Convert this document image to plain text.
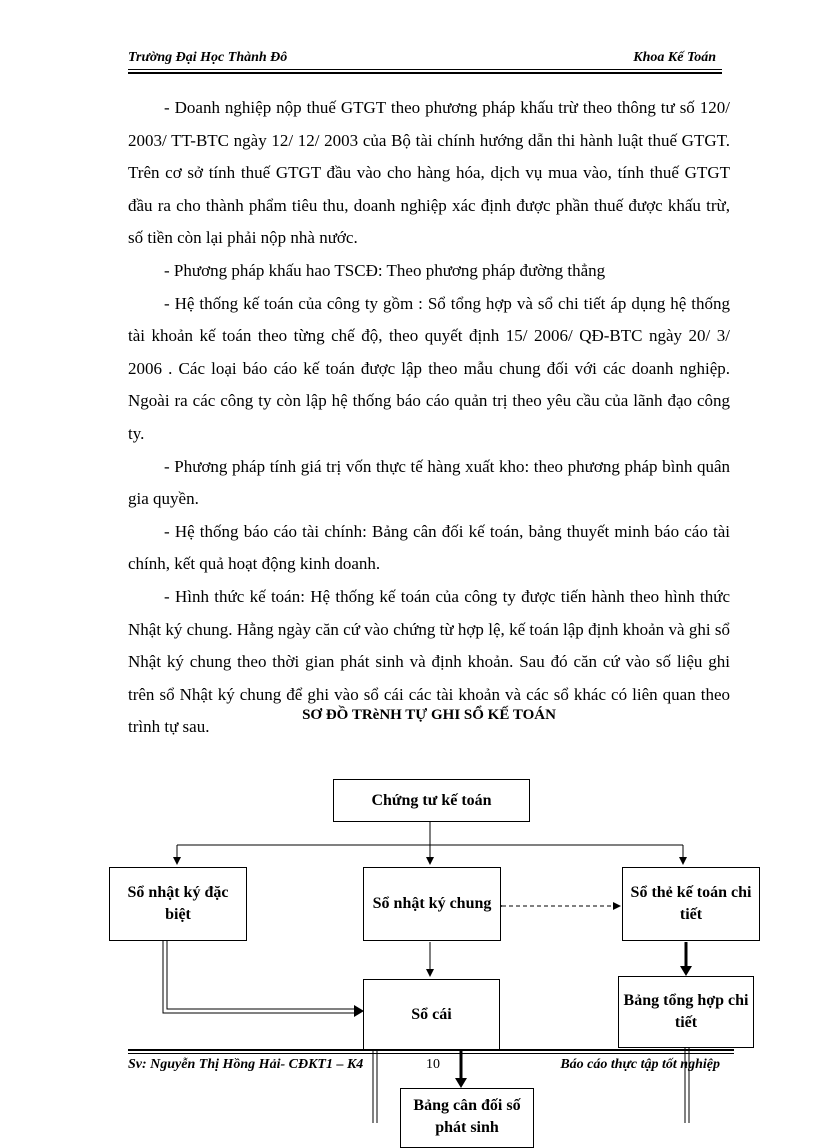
Trường Đại Học Thành Đô	Khoa Kế Toán

- Doanh nghiệp nộp thuế GTGT theo phương pháp khấu trừ theo thông tư số 120/ 2003/ TT-BTC ngày 12/ 12/ 2003 của Bộ tài chính hướng dẫn thi hành luật thuế GTGT. Trên cơ sở tính thuế GTGT đầu vào cho hàng hóa, dịch vụ mua vào, tính thuế GTGT đầu ra cho thành phẩm tiêu thu, doanh nghiệp xác định được phần thuế được khấu trừ, số tiền còn lại phải nộp nhà nước.

- Phương pháp khấu hao TSCĐ: Theo phương pháp đường thẳng

- Hệ thống kế toán của công ty gồm : Sổ tổng hợp và sổ chi tiết áp dụng hệ thống tài khoản kế toán theo từng chế độ, theo quyết định 15/ 2006/ QĐ-BTC ngày 20/ 3/ 2006 . Các loại báo cáo kế toán được lập theo mẫu chung đối với các doanh nghiệp. Ngoài ra các công ty còn lập hệ thống báo cáo quản trị theo yêu cầu của lãnh đạo công ty.

- Phương pháp tính giá trị vốn thực tế hàng xuất kho: theo phương pháp bình quân gia quyền.

- Hệ thống báo cáo tài chính: Bảng cân đối kế toán, bảng thuyết minh báo cáo tài chính, kết quả hoạt động kinh doanh.

- Hình thức kế toán: Hệ thống kế toán của công ty được tiến hành theo hình thức Nhật ký chung. Hằng ngày căn cứ vào chứng từ hợp lệ, kế toán lập định khoản và ghi sổ Nhật ký chung theo thời gian phát sinh và định khoản. Sau đó căn cứ vào số liệu ghi trên sổ Nhật ký chung để ghi vào sổ cái các tài khoản và các sổ khác có liên quan theo trình tự sau.

SƠ ĐỒ TRèNH TỰ GHI SỔ KẾ TOÁN
Chứng tư kế toán
Sổ nhật ký đặc biệt
Sổ nhật ký chung
Sổ thẻ kế toán chi tiết
Sổ cái
Bảng tổng hợp chi tiết
Bảng cân đối số phát sinh
Sv: Nguyễn Thị Hồng Hải- CĐKT1 – K4	10	Báo cáo thực tập tốt nghiệp
